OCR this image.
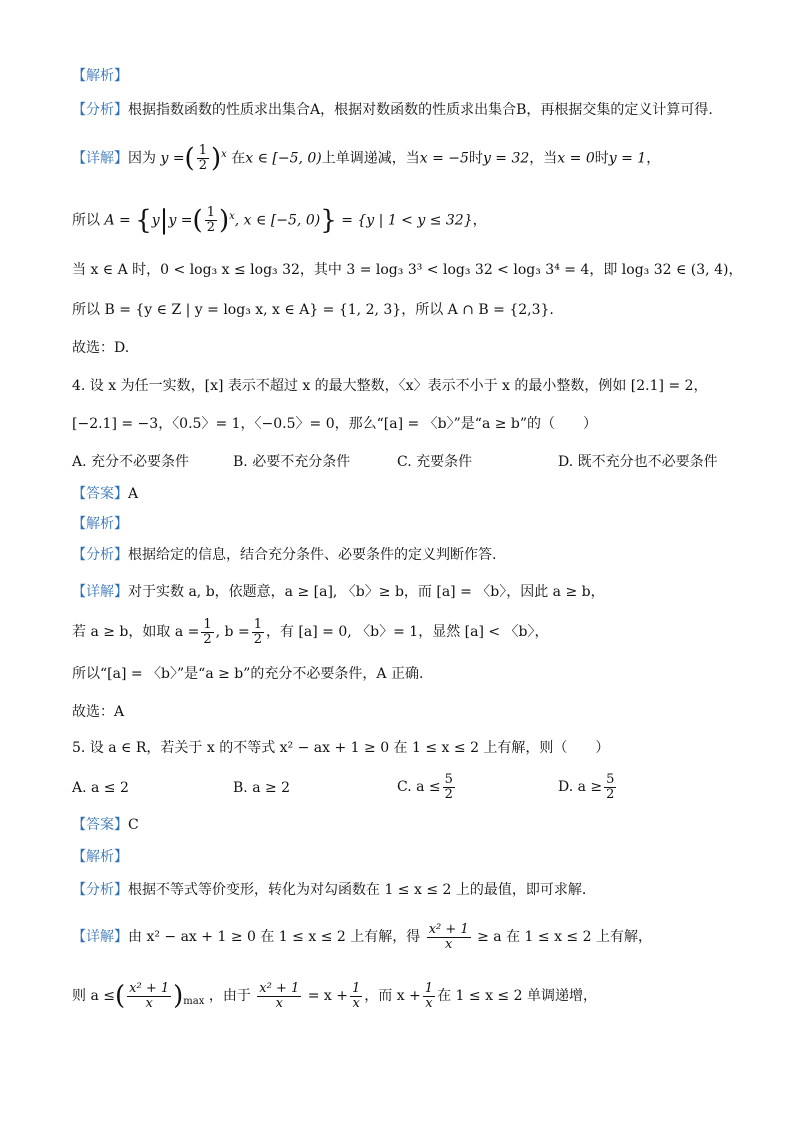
【解析】
【分析】根据指数函数的性质求出集合A，根据对数函数的性质求出集合B，再根据交集的定义计算可得.
【详解】因为 y =( $\frac{1}{2} )^x$ 在x ∈ [−5, 0)上单调递减，当x = −5时y = 32，当x = 0时y = 1，
所以 A = {y|y =( $\frac{1}{2} )^x$, x ∈ [−5, 0)} = {y | 1 < y ≤ 32}，
当 x ∈ A 时，0 < log₃ x ≤ log₃ 32，其中 3 = log₃ 3³ < log₃ 32 < log₃ 3⁴ = 4，即 log₃ 32 ∈ (3, 4)，
所以 B = {y ∈ Z | y = log₃ x, x ∈ A} = {1, 2, 3}，所以 A ∩ B = {2,3}.
故选：D.
4. 设 x 为任一实数，[x] 表示不超过 x 的最大整数，〈x〉表示不小于 x 的最小整数，例如 [2.1] = 2，
[−2.1] = −3，〈0.5〉= 1，〈−0.5〉= 0，那么“[a] = 〈b〉”是“a ≥ b”的（　　）
A. 充分不必要条件	B. 必要不充分条件	C. 充要条件	D. 既不充分也不必要条件
【答案】A
【解析】
【分析】根据给定的信息，结合充分条件、必要条件的定义判断作答.
【详解】对于实数 a, b，依题意，a ≥ [a], 〈b〉≥ b，而 [a] = 〈b〉，因此 a ≥ b，
若 a ≥ b，如取 $a = \frac{1}{2}$ , $b = \frac{1}{2}$ ，有 [a] = 0, 〈b〉= 1，显然 [a] < 〈b〉，
所以“[a] = 〈b〉”是“a ≥ b”的充分不必要条件，A 正确.
故选：A
5. 设 a ∈ R，若关于 x 的不等式 x² − ax + 1 ≥ 0 在 1 ≤ x ≤ 2 上有解，则（　　）
A. a ≤ 2	B. a ≥ 2	C. $a \le \frac{5}{2}$	D. $a \ge \frac{5}{2}$
【答案】C
【解析】
【分析】根据不等式等价变形，转化为对勾函数在 1 ≤ x ≤ 2 上的最值，即可求解.
【详解】由 x² − ax + 1 ≥ 0 在 1 ≤ x ≤ 2 上有解，得 $\frac{\text{x² + 1}}{x} \ge a$ 在 1 ≤ x ≤ 2 上有解，
则 a ≤( $\frac{\text{x² + 1}}{x} )_{max}$ ，由于 $\frac{\text{x² + 1}}{x} = x + \frac{1}{x}$ ，而 $x + \frac{1}{x}$ 在 1 ≤ x ≤ 2 单调递增，
